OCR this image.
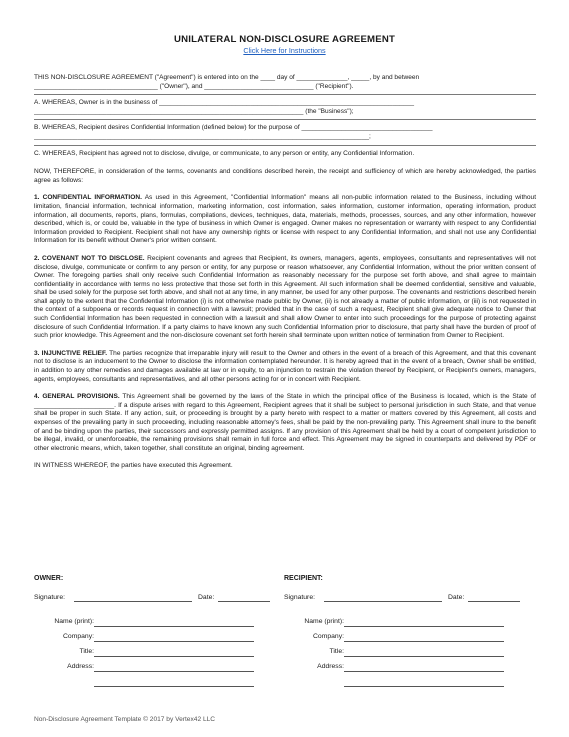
UNILATERAL NON-DISCLOSURE AGREEMENT
Click Here for Instructions
THIS NON-DISCLOSURE AGREEMENT ("Agreement") is entered into on the ____ day of ______________, _____, by and between
__________________________________ ("Owner"), and ______________________________ ("Recipient").
A. WHEREAS, Owner is in the business of ______________________________________________________________________
__________________________________________________________________________ (the "Business");
B. WHEREAS, Recipient desires Confidential Information (defined below) for the purpose of ____________________________________
____________________________________________________________________________________________;
C. WHEREAS, Recipient has agreed not to disclose, divulge, or communicate, to any person or entity, any Confidential Information.

NOW, THEREFORE, in consideration of the terms, covenants and conditions described herein, the receipt and sufficiency of which are hereby acknowledged, the parties agree as follows:

1. CONFIDENTIAL INFORMATION. As used in this Agreement, "Confidential Information" means all non-public information related to the Business, including without limitation, financial information, technical information, marketing information, cost information, sales information, customer information, operating information, product information, all documents, reports, plans, formulas, compilations, devices, techniques, data, materials, methods, processes, sources, and any other information, however described, which is, or could be, valuable in the type of business in which Owner is engaged. Owner makes no representation or warranty with respect to any Confidential Information provided to Recipient. Recipient shall not have any ownership rights or license with respect to any Confidential Information, and shall not use any Confidential Information for its benefit without Owner's prior written consent.

2. COVENANT NOT TO DISCLOSE. Recipient covenants and agrees that Recipient, its owners, managers, agents, employees, consultants and representatives will not disclose, divulge, communicate or confirm to any person or entity, for any purpose or reason whatsoever, any Confidential Information, without the prior written consent of Owner. The foregoing parties shall only receive such Confidential Information as reasonably necessary for the purpose set forth above, and shall agree to maintain confidentiality in accordance with terms no less protective that those set forth in this Agreement. All such information shall be deemed confidential, sensitive and valuable, shall be used solely for the purpose set forth above, and shall not at any time, in any manner, be used for any other purpose. The covenants and restrictions described herein shall apply to the extent that the Confidential Information (i) is not otherwise made public by Owner, (ii) is not already a matter of public information, or (iii) is not requested in the context of a subpoena or records request in connection with a lawsuit; provided that in the case of such a request, Recipient shall give adequate notice to Owner that such Confidential Information has been requested in connection with a lawsuit and shall allow Owner to enter into such proceedings for the purpose of protecting against disclosure of such Confidential Information. If a party claims to have known any such Confidential Information prior to disclosure, that party shall have the burden of proof of such prior knowledge. This Agreement and the non-disclosure covenant set forth herein shall terminate upon written notice of termination from Owner to Recipient.

3. INJUNCTIVE RELIEF. The parties recognize that irreparable injury will result to the Owner and others in the event of a breach of this Agreement, and that this covenant not to disclose is an inducement to the Owner to disclose the information contemplated hereunder. It is hereby agreed that in the event of a breach, Owner shall be entitled, in addition to any other remedies and damages available at law or in equity, to an injunction to restrain the violation thereof by Recipient, or Recipient's owners, managers, agents, employees, consultants and representatives, and all other persons acting for or in concert with Recipient.

4. GENERAL PROVISIONS. This Agreement shall be governed by the laws of the State in which the principal office of the Business is located, which is the State of ______________________. If a dispute arises with regard to this Agreement, Recipient agrees that it shall be subject to personal jurisdiction in such State, and that venue shall be proper in such State. If any action, suit, or proceeding is brought by a party hereto with respect to a matter or matters covered by this Agreement, all costs and expenses of the prevailing party in such proceeding, including reasonable attorney's fees, shall be paid by the non-prevailing party. This Agreement shall inure to the benefit of and be binding upon the parties, their successors and expressly permitted assigns. If any provision of this Agreement shall be held by a court of competent jurisdiction to be illegal, invalid, or unenforceable, the remaining provisions shall remain in full force and effect. This Agreement may be signed in counterparts and delivered by PDF or other electronic means, which, taken together, shall constitute an original, binding agreement.

IN WITNESS WHEREOF, the parties have executed this Agreement.

OWNER:
Signature:	Date:
Name (print):
Company:
Title:
Address:
RECIPIENT:
Signature:	Date:
Name (print):
Company:
Title:
Address:
Non-Disclosure Agreement Template © 2017 by Vertex42 LLC
